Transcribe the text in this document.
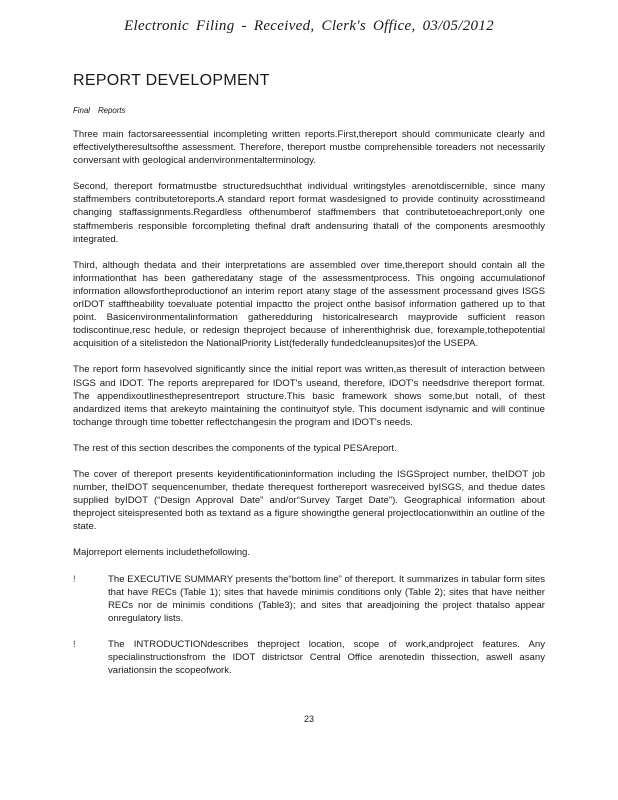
Electronic Filing - Received, Clerk's Office, 03/05/2012
REPORT DEVELOPMENT
Final Reports

Three main factorsareessential incompleting written reports.First,thereport should communicate clearly and effectivelytheresultsofthe assessment. Therefore, thereport mustbe comprehensible toreaders not necessarily conversant with geological andenvironmentalterminology.

Second, thereport formatmustbe structuredsuchthat individual writingstyles arenotdiscernible, since many staffmembers contributetoreports.A standard report format wasdesigned to provide continuity acrosstimeand changing staffassignments.Regardless ofthenumberof staffmembers that contributetoeachreport,only one staffmemberis responsible forcompleting thefinal draft andensuring thatall of the components aresmoothly integrated.

Third, although thedata and their interpretations are assembled over time,thereport should contain all the informationthat has been gatheredatany stage of the assessmentprocess. This ongoing accumulationof information allowsfortheproductionof an interim report atany stage of the assessment processand gives ISGS orIDOT stafftheability toevaluate potential impactto the project onthe basisof information gathered up to that point. Basicenvironmentalinformation gatheredduring historicalresearch mayprovide sufficient reason todiscontinue,resc hedule, or redesign theproject because of inherenthighrisk due, forexample,tothepotential acquisition of a sitelistedon the NationalPriority List(federally fundedcleanupsites)of the USEPA.

The report form hasevolved significantly since the initial report was written,as theresult of interaction between ISGS and IDOT. The reports areprepared for IDOT's useand, therefore, IDOT's needsdrive thereport format. The appendixoutlinesthepresentreport structure.This basic framework shows some,but notall, of thest andardized items that arekeyto maintaining the continuityof style. This document isdynamic and will continue tochange through time tobetter reflectchangesin the program and IDOT's needs.

The rest of this section describes the components of the typical PESAreport.

The cover of thereport presents keyidentificationinformation including the ISGSproject number, theIDOT job number, theIDOT sequencenumber, thedate therequest forthereport wasreceived byISGS, and thedue dates supplied byIDOT (“Design Approval Date” and/or“Survey Target Date”). Geographical information about theproject siteispresented both as textand as a figure showingthe general projectlocationwithin an outline of the state.

Majorreport elements includethefollowing.

!	The EXECUTIVE SUMMARY presents the“bottom line” of thereport. It summarizes in tabular form sites that have RECs (Table 1); sites that havede minimis conditions only (Table 2); sites that have neither RECs nor de minimis conditions (Table3); and sites that areadjoining the project thatalso appear onregulatory lists.
!	The INTRODUCTIONdescribes theproject location, scope of work,andproject features. Any specialinstructionsfrom the IDOT districtsor Central Office arenotedin thissection, aswell asany variationsin the scopeofwork.
23
